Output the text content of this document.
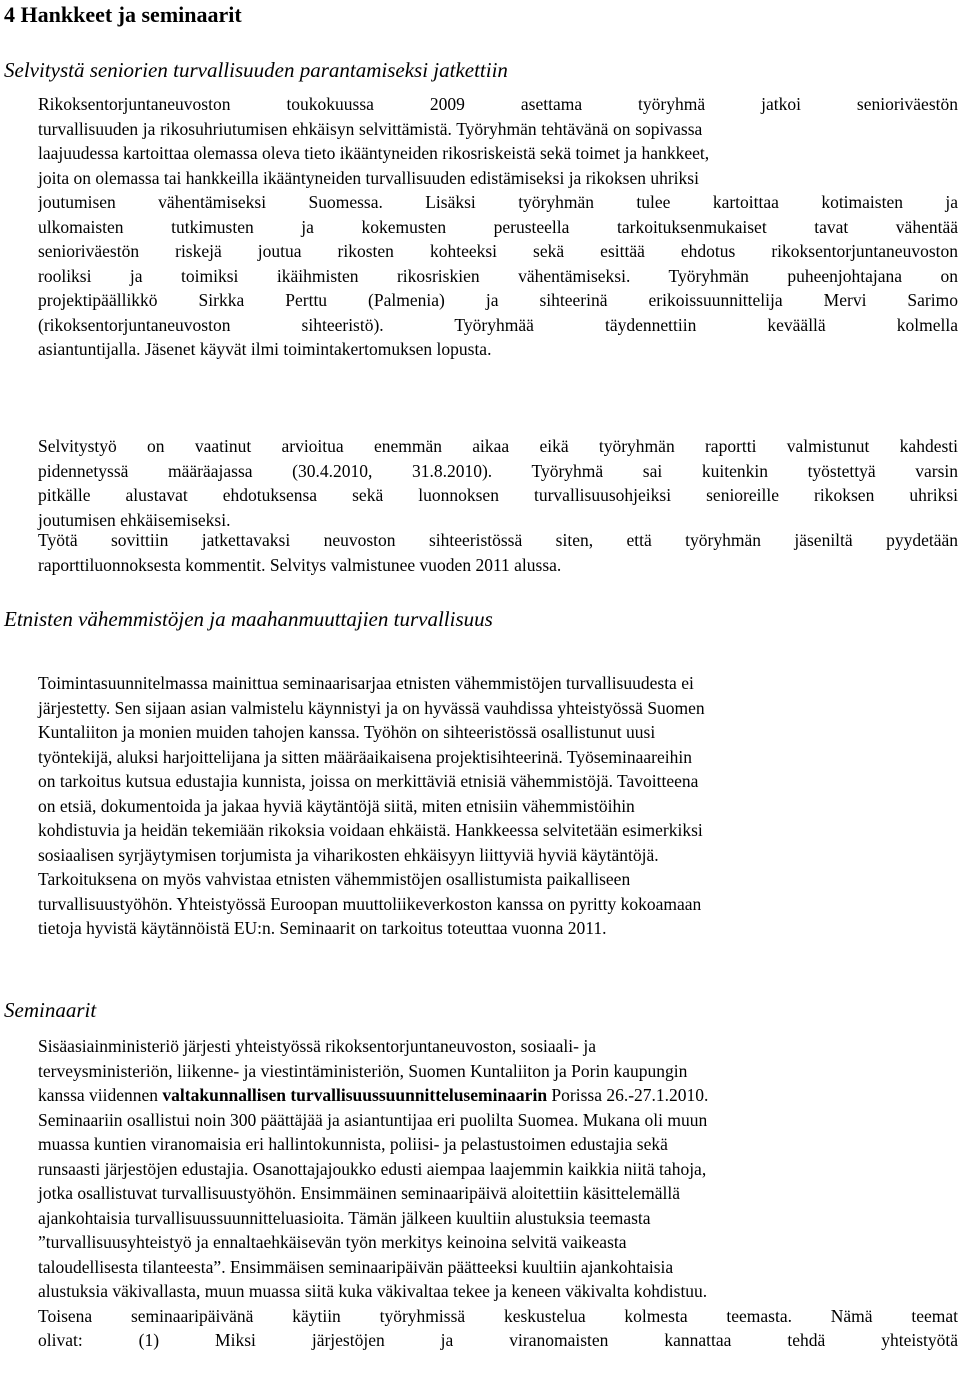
4 Hankkeet ja seminaarit
Selvitystä seniorien turvallisuuden parantamiseksi jatkettiin
Rikoksentorjuntaneuvoston toukokuussa 2009 asettama työryhmä jatkoi senioriväestön
turvallisuuden ja rikosuhriutumisen ehkäisyn selvittämistä. Työryhmän tehtävänä on sopivassa
laajuudessa kartoittaa olemassa oleva tieto ikääntyneiden rikosriskeistä sekä toimet ja hankkeet,
joita on olemassa tai hankkeilla ikääntyneiden turvallisuuden edistämiseksi ja rikoksen uhriksi
joutumisen vähentämiseksi Suomessa. Lisäksi työryhmän tulee kartoittaa kotimaisten ja
ulkomaisten tutkimusten ja kokemusten perusteella tarkoituksenmukaiset tavat vähentää
senioriväestön riskejä joutua rikosten kohteeksi sekä esittää ehdotus rikoksentorjuntaneuvoston
rooliksi ja toimiksi ikäihmisten rikosriskien vähentämiseksi. Työryhmän puheenjohtajana on
projektipäällikkö Sirkka Perttu (Palmenia) ja sihteerinä erikoissuunnittelija Mervi Sarimo
(rikoksentorjuntaneuvoston sihteeristö). Työryhmää täydennettiin keväällä kolmella
asiantuntijalla. Jäsenet käyvät ilmi toimintakertomuksen lopusta.
Selvitystyö on vaatinut arvioitua enemmän aikaa eikä työryhmän raportti valmistunut kahdesti
pidennetyssä määräajassa (30.4.2010, 31.8.2010). Työryhmä sai kuitenkin työstettyä varsin
pitkälle alustavat ehdotuksensa sekä luonnoksen turvallisuusohjeiksi senioreille rikoksen uhriksi
joutumisen ehkäisemiseksi.
Työtä sovittiin jatkettavaksi neuvoston sihteeristössä siten, että työryhmän jäseniltä pyydetään
raporttiluonnoksesta kommentit. Selvitys valmistunee vuoden 2011 alussa.
Etnisten vähemmistöjen ja maahanmuuttajien turvallisuus
Toimintasuunnitelmassa mainittua seminaarisarjaa etnisten vähemmistöjen turvallisuudesta ei
järjestetty. Sen sijaan asian valmistelu käynnistyi ja on hyvässä vauhdissa yhteistyössä Suomen
Kuntaliiton ja monien muiden tahojen kanssa. Työhön on sihteeristössä osallistunut uusi
työntekijä, aluksi harjoittelijana ja sitten määräaikaisena projektisihteerinä. Työseminaareihin
on tarkoitus kutsua edustajia kunnista, joissa on merkittäviä etnisiä vähemmistöjä. Tavoitteena
on etsiä, dokumentoida ja jakaa hyviä käytäntöjä siitä, miten etnisiin vähemmistöihin
kohdistuvia ja heidän tekemiään rikoksia voidaan ehkäistä. Hankkeessa selvitetään esimerkiksi
sosiaalisen syrjäytymisen torjumista ja viharikosten ehkäisyyn liittyviä hyviä käytäntöjä.
Tarkoituksena on myös vahvistaa etnisten vähemmistöjen osallistumista paikalliseen
turvallisuustyöhön. Yhteistyössä Euroopan muuttoliikeverkoston kanssa on pyritty kokoamaan
tietoja hyvistä käytännöistä EU:n. Seminaarit on tarkoitus toteuttaa vuonna 2011.
Seminaarit
Sisäasiainministeriö järjesti yhteistyössä rikoksentorjuntaneuvoston, sosiaali- ja
terveysministeriön, liikenne- ja viestintäministeriön, Suomen Kuntaliiton ja Porin kaupungin
kanssa viidennen valtakunnallisen turvallisuussuunnitteluseminaarin Porissa 26.-27.1.2010.
Seminaariin osallistui noin 300 päättäjää ja asiantuntijaa eri puolilta Suomea. Mukana oli muun
muassa kuntien viranomaisia eri hallintokunnista, poliisi- ja pelastustoimen edustajia sekä
runsaasti järjestöjen edustajia. Osanottajajoukko edusti aiempaa laajemmin kaikkia niitä tahoja,
jotka osallistuvat turvallisuustyöhön. Ensimmäinen seminaaripäivä aloitettiin käsittelemällä
ajankohtaisia turvallisuussuunnitteluasioita. Tämän jälkeen kuultiin alustuksia teemasta
”turvallisuusyhteistyö ja ennaltaehkäisevän työn merkitys keinoina selvitä vaikeasta
taloudellisesta tilanteesta”. Ensimmäisen seminaaripäivän päätteeksi kuultiin ajankohtaisia
alustuksia väkivallasta, muun muassa siitä kuka väkivaltaa tekee ja keneen väkivalta kohdistuu.
Toisena seminaaripäivänä käytiin työryhmissä keskustelua kolmesta teemasta. Nämä teemat
olivat: (1) Miksi järjestöjen ja viranomaisten kannattaa tehdä yhteistyötä
